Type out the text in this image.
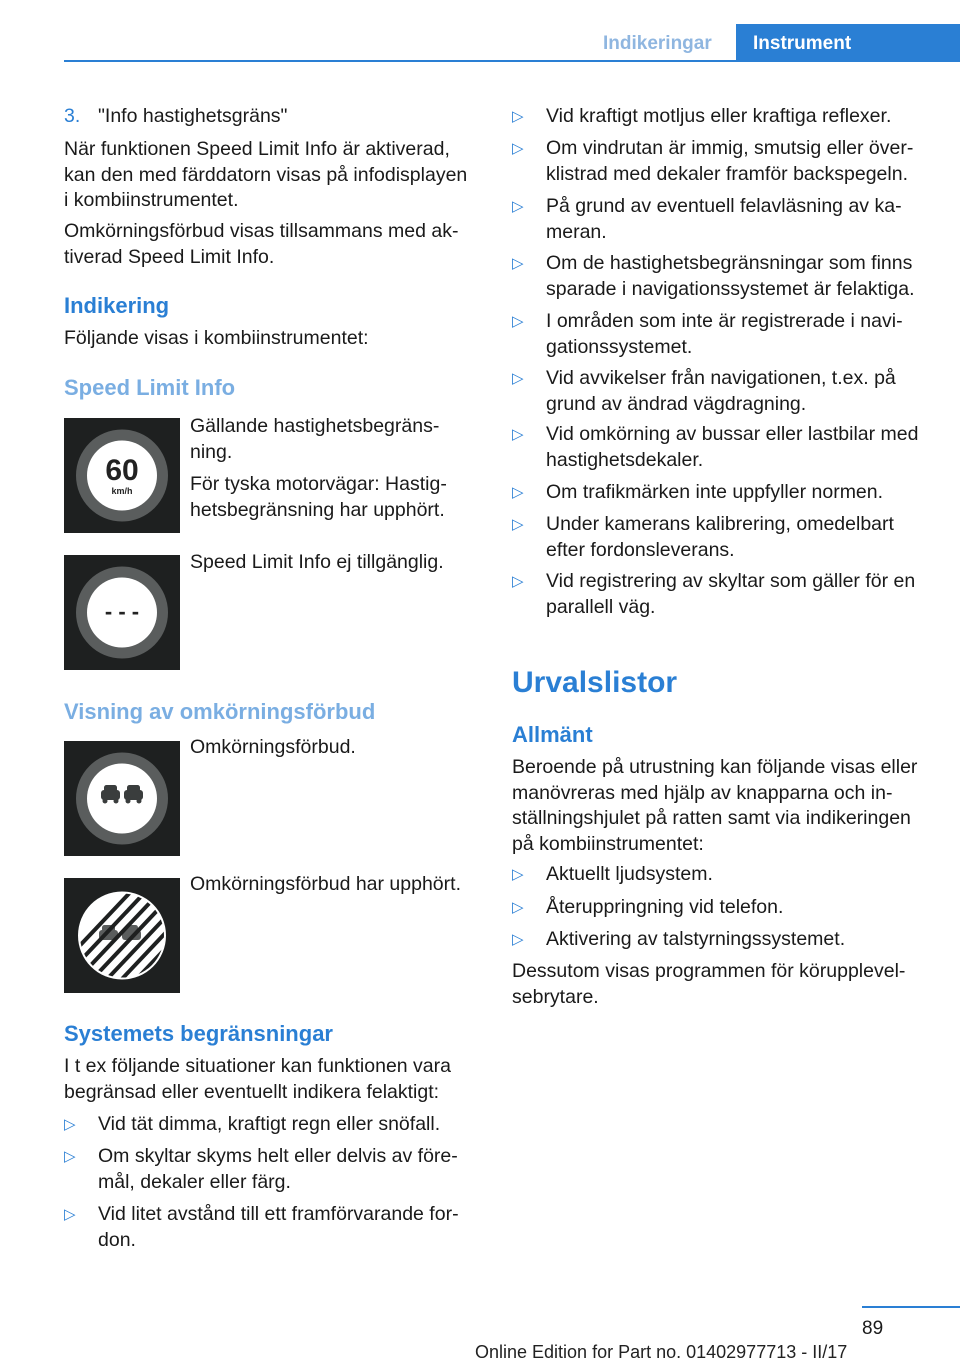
Indikeringar Instrument
3. "Info hastighetsgräns"

När funktionen Speed Limit Info är aktiverad, kan den med färddatorn visas på infodisplayen i kombiinstrumentet.

Omkörningsförbud visas tillsammans med aktiverad Speed Limit Info.

Indikering

Följande visas i kombiinstrumentet:

Speed Limit Info

Gällande hastighetsbegränsning.

För tyska motorvägar: Hastighetsbegränsning har upphört.

Speed Limit Info ej tillgänglig.

Visning av omkörningsförbud

Omkörningsförbud.

Omkörningsförbud har upphört.

Systemets begränsningar

I t ex följande situationer kan funktionen vara begränsad eller eventuellt indikera felaktigt:

▷ Vid tät dimma, kraftigt regn eller snöfall.
▷ Om skyltar skyms helt eller delvis av föremål, dekaler eller färg.
▷ Vid litet avstånd till ett framförvarande fordon.
60
km/h
- - -
▷ Vid kraftigt motljus eller kraftiga reflexer.
▷ Om vindrutan är immig, smutsig eller överklistrad med dekaler framför backspegeln.
▷ På grund av eventuell felavläsning av kameran.
▷ Om de hastighetsbegränsningar som finns sparade i navigationssystemet är felaktiga.
▷ I områden som inte är registrerade i navigationssystemet.
▷ Vid avvikelser från navigationen, t.ex. på grund av ändrad vägdragning.
▷ Vid omkörning av bussar eller lastbilar med hastighetsdekaler.
▷ Om trafikmärken inte uppfyller normen.
▷ Under kamerans kalibrering, omedelbart efter fordonsleverans.
▷ Vid registrering av skyltar som gäller för en parallell väg.
Urvalslistor
Allmänt

Beroende på utrustning kan följande visas eller manövreras med hjälp av knapparna och inställningshjulet på ratten samt via indikeringen på kombiinstrumentet:

▷ Aktuellt ljudsystem.
▷ Återuppringning vid telefon.
▷ Aktivering av talstyrningssystemet.

Dessutom visas programmen för körupplevelsebrytare.

89
Online Edition for Part no. 01402977713 - II/17
